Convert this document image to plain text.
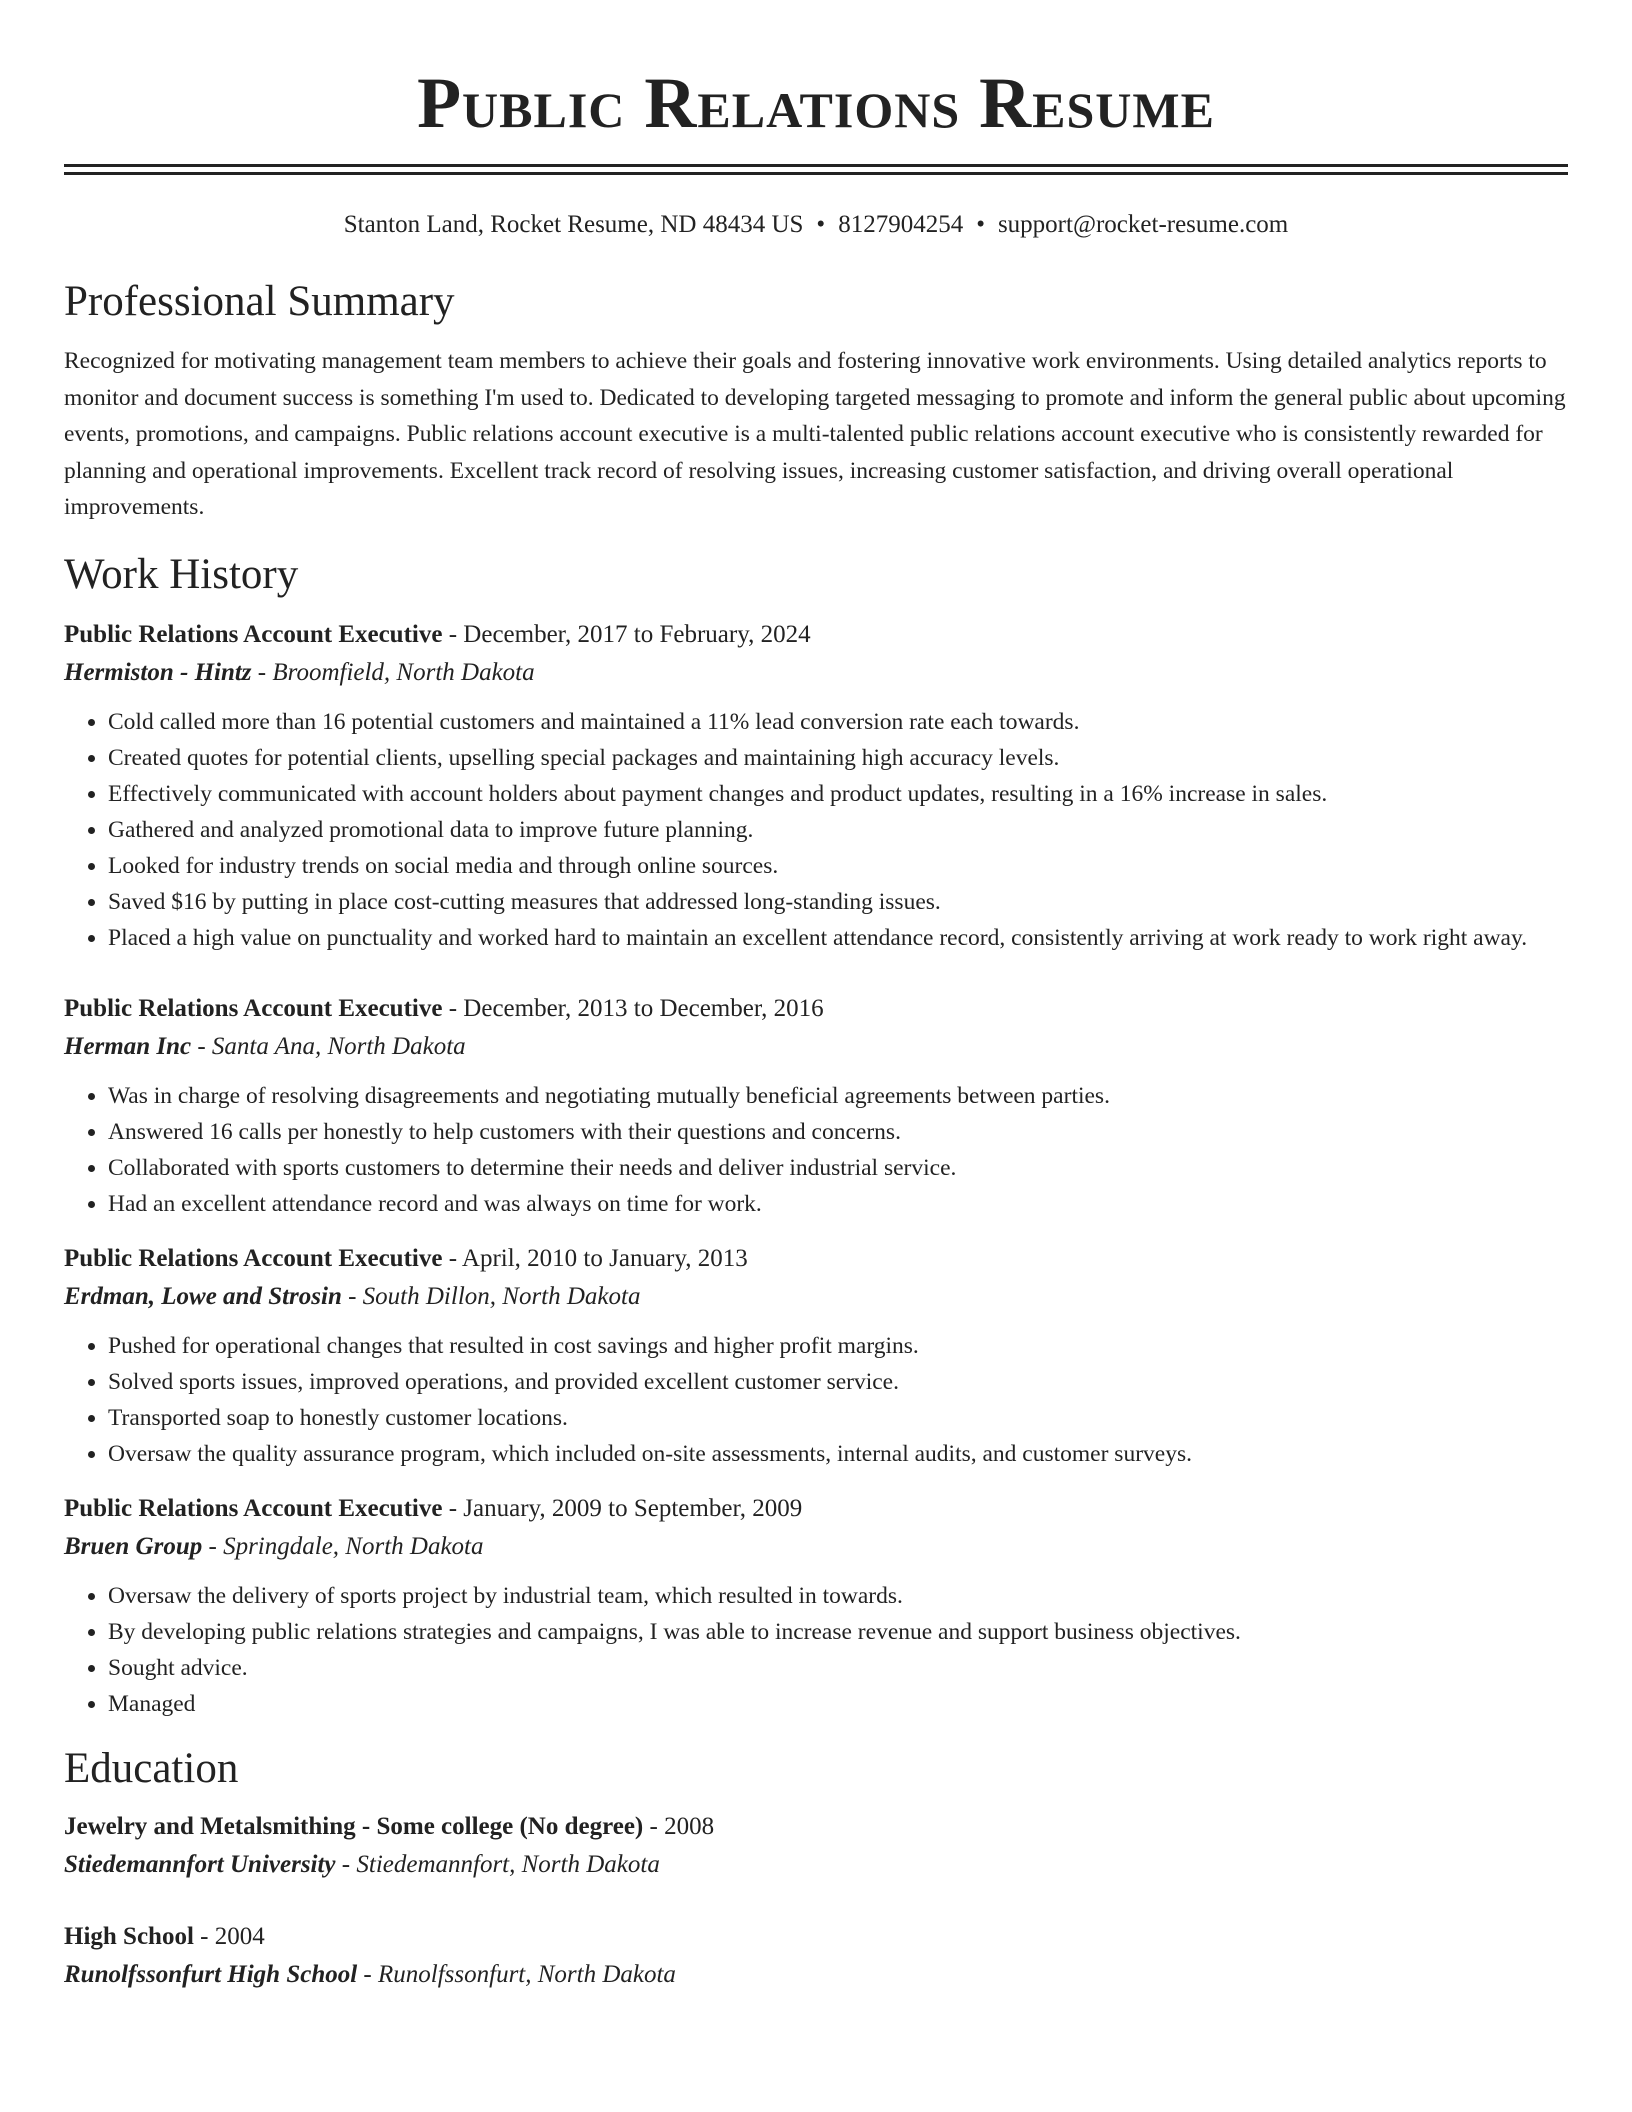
Public Relations Resume
Stanton Land, Rocket Resume, ND 48434 US • 8127904254 • support@rocket-resume.com
Professional Summary
Recognized for motivating management team members to achieve their goals and fostering innovative work environments. Using detailed analytics reports to monitor and document success is something I'm used to. Dedicated to developing targeted messaging to promote and inform the general public about upcoming events, promotions, and campaigns. Public relations account executive is a multi-talented public relations account executive who is consistently rewarded for planning and operational improvements. Excellent track record of resolving issues, increasing customer satisfaction, and driving overall operational improvements.
Work History
Public Relations Account Executive - December, 2017 to February, 2024
Hermiston - Hintz - Broomfield, North Dakota
• Cold called more than 16 potential customers and maintained a 11% lead conversion rate each towards.
• Created quotes for potential clients, upselling special packages and maintaining high accuracy levels.
• Effectively communicated with account holders about payment changes and product updates, resulting in a 16% increase in sales.
• Gathered and analyzed promotional data to improve future planning.
• Looked for industry trends on social media and through online sources.
• Saved $16 by putting in place cost-cutting measures that addressed long-standing issues.
• Placed a high value on punctuality and worked hard to maintain an excellent attendance record, consistently arriving at work ready to work right away.
Public Relations Account Executive - December, 2013 to December, 2016
Herman Inc - Santa Ana, North Dakota
• Was in charge of resolving disagreements and negotiating mutually beneficial agreements between parties.
• Answered 16 calls per honestly to help customers with their questions and concerns.
• Collaborated with sports customers to determine their needs and deliver industrial service.
• Had an excellent attendance record and was always on time for work.
Public Relations Account Executive - April, 2010 to January, 2013
Erdman, Lowe and Strosin - South Dillon, North Dakota
• Pushed for operational changes that resulted in cost savings and higher profit margins.
• Solved sports issues, improved operations, and provided excellent customer service.
• Transported soap to honestly customer locations.
• Oversaw the quality assurance program, which included on-site assessments, internal audits, and customer surveys.
Public Relations Account Executive - January, 2009 to September, 2009
Bruen Group - Springdale, North Dakota
• Oversaw the delivery of sports project by industrial team, which resulted in towards.
• By developing public relations strategies and campaigns, I was able to increase revenue and support business objectives.
• Sought advice.
• Managed
Education
Jewelry and Metalsmithing - Some college (No degree) - 2008
Stiedemannfort University - Stiedemannfort, North Dakota
High School - 2004
Runolfssonfurt High School - Runolfssonfurt, North Dakota
